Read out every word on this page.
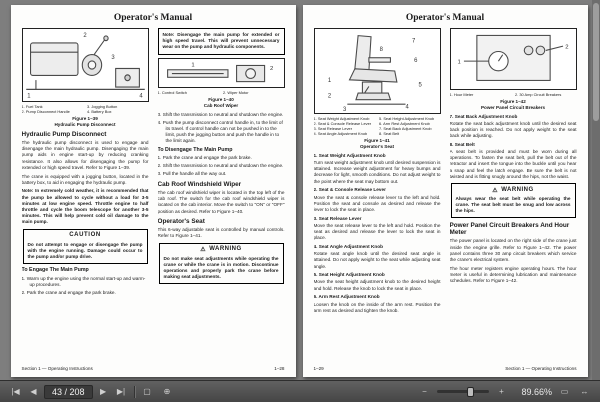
Operator's Manual
1
2
3
4
1. Fuel Tank	3. Jogging Button
2. Pump Disconnect Handle	4. Battery Box
Figure 1–39
Hydraulic Pump Disconnect
Hydraulic Pump Disconnect

The hydraulic pump disconnect is used to engage and disengage the main hydraulic pump. Disengaging the main pump aids in engine start-up by reducing cranking resistance. It also allows for disengaging the pump for extended or high speed travel. Refer to Figure 1–39.

The crane is equipped with a jogging button, located in the battery box, to aid in engaging the hydraulic pump.

Note: In extremely cold weather, it is recommended that the pump be allowed to cycle without a load for 3-5 minutes at low engine speed. Throttle engine to half throttle and cycle the boom telescope for another 3-5 minutes. This will help prevent cold oil damage to the main pump.

CAUTION
Do not attempt to engage or disengage the pump with the engine running. Damage could occur to the pump and/or pump drive.
To Engage The Main Pump

1. Warm up the engine using the normal start-up and warm-up procedures.

2. Park the crane and engage the park brake.

Note: Disengage the main pump for extended or high speed travel. This will prevent unnecessary wear on the pump and hydraulic components.
1
2
1. Control Switch	2. Wiper Motor
Figure 1–40
Cab Roof Wiper

3. Shift the transmission to neutral and shutdown the engine.

4. Push the pump disconnect control handle in, to the limit of its travel. If control handle can not be pushed in to the limit, push the jogging button and push the handle in to the limit again.

To Disengage The Main Pump

1. Park the crane and engage the park brake.

2. Shift the transmission to neutral and shutdown the engine.

3. Pull the handle all the way out.

Cab Roof Windshield Wiper

The cab roof windshield wiper is located in the top left of the cab roof. The switch for the cab roof windshield wiper is located on the cab interior. Move the switch to "ON" or "OFF" position as desired. Refer to Figure 1–40.

Operator's Seat

This 6-way adjustable seat is controlled by manual controls. Refer to Figure 1–41.

⚠ WARNING
Do not make seat adjustments while operating the crane or while the crane is in motion. Discontinue operations and properly park the crane before making seat adjustments.
Section 1 — Operating Instructions	1–28
Operator's Manual
1
2
3	4
5
6
7
8
1. Seat Weight Adjustment Knob	5. Seat Height Adjustment Knob
2. Seat & Console Release Lever	6. Arm Rest Adjustment Knob
3. Seat Release Lever	7. Seat Back Adjustment Knob
4. Seat Angle Adjustment Knob	8. Seat Belt
Figure 1–41
Operator's Seat
1. Seat Weight Adjustment Knob

Turn seat weight adjustment knob until desired suspension is attained. Increase weight adjustment for heavy bumps and decrease for light, smooth conditions. Do not adjust weight to the point where the seat may bottom out.

2. Seat & Console Release Lever

Move the seat & console release lever to the left and hold. Position the seat and console as desired and release the lever to lock the seat in place.

3. Seat Release Lever

Move the seat release lever to the left and hold. Position the seat as desired and release the lever to lock the seat in place.

4. Seat Angle Adjustment Knob

Rotate seat angle knob until the desired seat angle is attained. Do not apply weight to the seat while adjusting seat angle.

5. Seat Height Adjustment Knob

Move the seat height adjustment knob to the desired height and hold. Release the knob to lock the seat in place.

6. Arm Rest Adjustment Knob

Loosen the knob on the inside of the arm rest. Position the arm rest as desired and tighten the knob.

1
2
1. Hour Meter	2. 30 Amp Circuit Breakers
Figure 1–42
Power Panel Circuit Breakers
7. Seat Back Adjustment Knob

Rotate the seat back adjustment knob until the desired seat back position is reached. Do not apply weight to the seat back while adjusting.

8. Seat Belt

A seat belt is provided and must be worn during all operations. To fasten the seat belt, pull the belt out of the retractor and insert the tongue into the buckle until you hear a snap and feel the latch engage. Be sure the belt is not twisted and is fitting snugly around the hips, not the waist.

⚠ WARNING
Always wear the seat belt while operating the crane. The seat belt must be snug and low across the hips.
Power Panel Circuit Breakers And Hour Meter

The power panel is located on the right side of the crane just inside the engine grille. Refer to Figure 1–42. The power panel contains three 30 amp circuit breakers which service the crane's electrical system.

The hour meter registers engine operating hours. The hour meter is useful in determining lubrication and maintenance schedules. Refer to Figure 1–42.

1–29	Section 1 — Operating Instructions
|◀	◀	43 / 208	▶	▶|	▢	⊕	−	+	89.66%	▭	↔
